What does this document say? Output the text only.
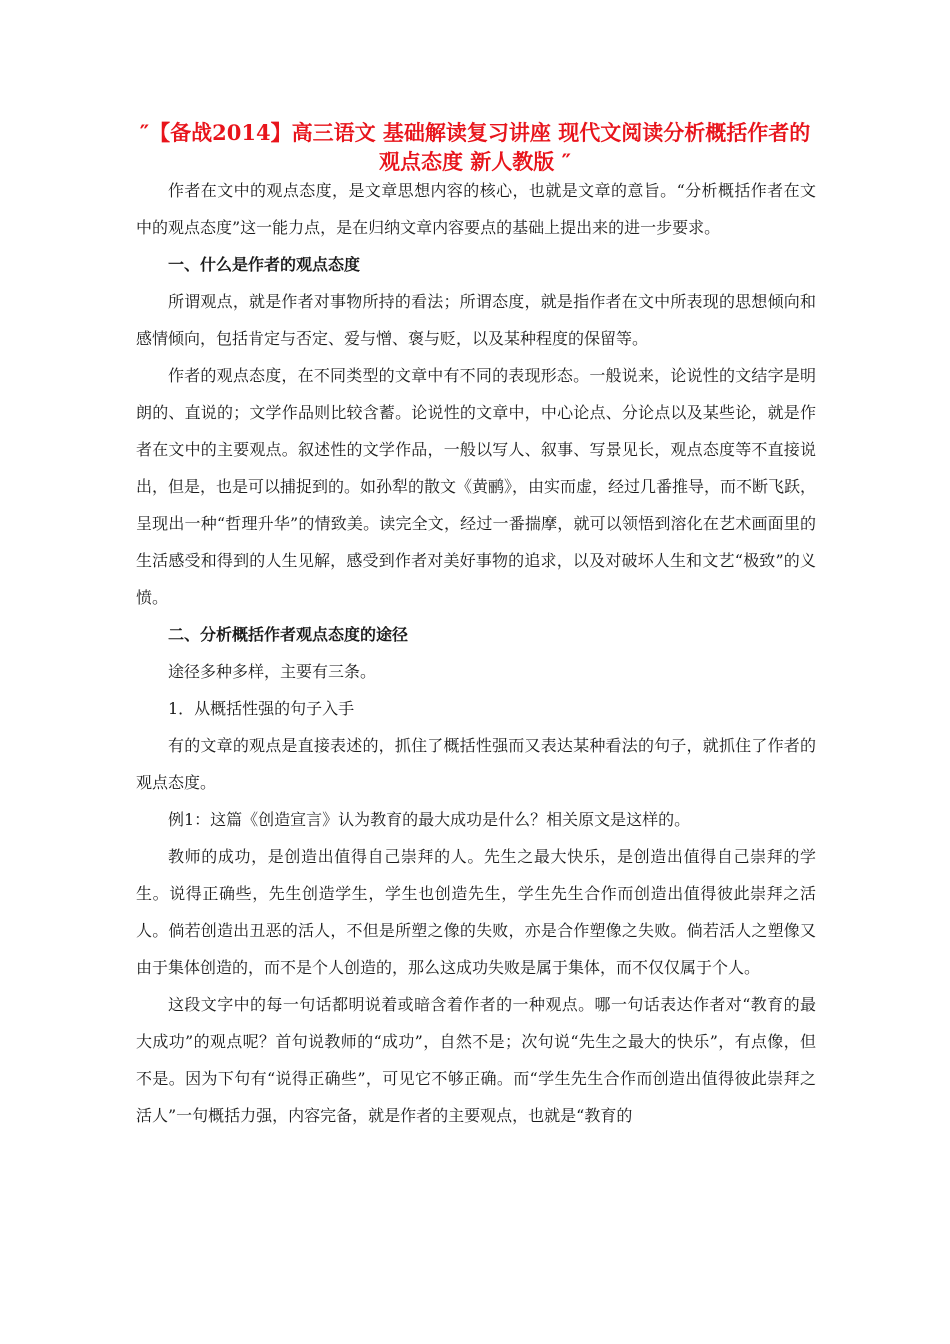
″【备战2014】高三语文 基础解读复习讲座 现代文阅读分析概括作者的观点态度 新人教版 ″

作者在文中的观点态度，是文章思想内容的核心，也就是文章的意旨。“分析概括作者在文中的观点态度”这一能力点，是在归纳文章内容要点的基础上提出来的进一步要求。

一、什么是作者的观点态度

所谓观点，就是作者对事物所持的看法；所谓态度，就是指作者在文中所表现的思想倾向和感情倾向，包括肯定与否定、爱与憎、褒与贬，以及某种程度的保留等。

作者的观点态度，在不同类型的文章中有不同的表现形态。一般说来，论说性的文结字是明朗的、直说的；文学作品则比较含蓄。论说性的文章中，中心论点、分论点以及某些论，就是作者在文中的主要观点。叙述性的文学作品，一般以写人、叙事、写景见长，观点态度等不直接说出，但是，也是可以捕捉到的。如孙犁的散文《黄鹂》，由实而虚，经过几番推导，而不断飞跃，呈现出一种“哲理升华”的情致美。读完全文，经过一番揣摩，就可以领悟到溶化在艺术画面里的生活感受和得到的人生见解，感受到作者对美好事物的追求，以及对破坏人生和文艺“极致”的义愤。

二、分析概括作者观点态度的途径

途径多种多样，主要有三条。

1．从概括性强的句子入手

有的文章的观点是直接表述的，抓住了概括性强而又表达某种看法的句子，就抓住了作者的观点态度。

例1：这篇《创造宣言》认为教育的最大成功是什么？相关原文是这样的。

教师的成功，是创造出值得自己崇拜的人。先生之最大快乐，是创造出值得自己崇拜的学生。说得正确些，先生创造学生，学生也创造先生，学生先生合作而创造出值得彼此崇拜之活人。倘若创造出丑恶的活人，不但是所塑之像的失败，亦是合作塑像之失败。倘若活人之塑像又由于集体创造的，而不是个人创造的，那么这成功失败是属于集体，而不仅仅属于个人。

这段文字中的每一句话都明说着或暗含着作者的一种观点。哪一句话表达作者对“教育的最大成功”的观点呢？首句说教师的“成功”，自然不是；次句说“先生之最大的快乐”，有点像，但不是。因为下句有“说得正确些”，可见它不够正确。而“学生先生合作而创造出值得彼此崇拜之活人”一句概括力强，内容完备，就是作者的主要观点，也就是“教育的
